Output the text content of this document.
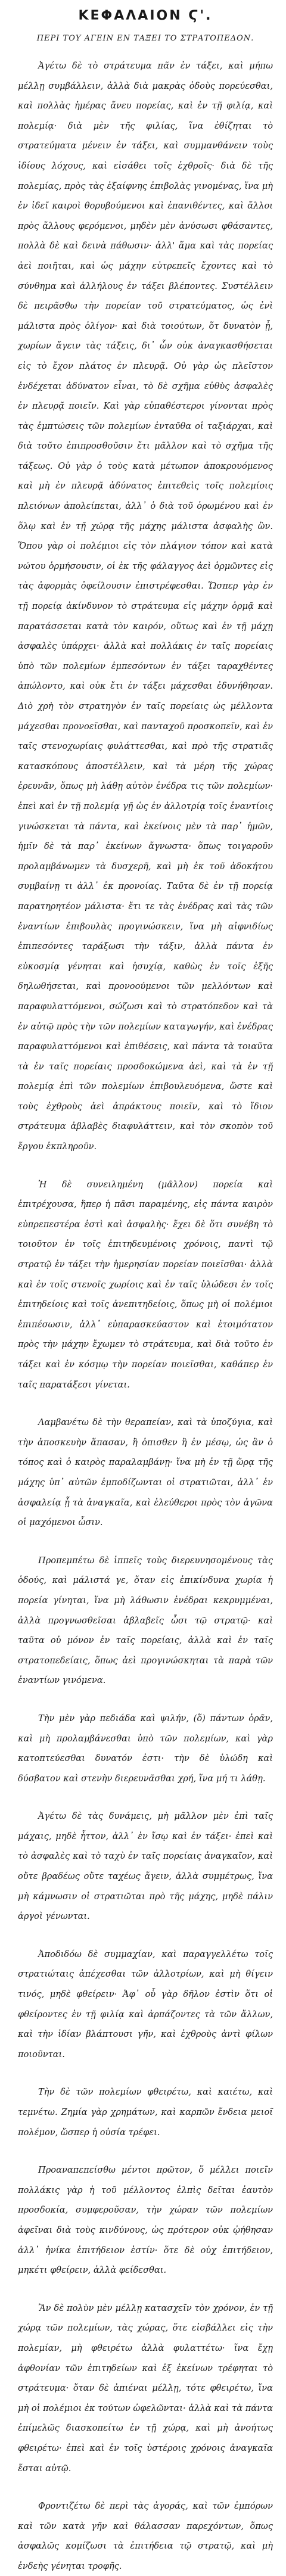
ΚΕΦΑΛΑΙΟΝ Ϛ'.
ΠΕΡΙ ΤΟΥ ΑΓΕΙΝ ΕΝ ΤΑΞΕΙ ΤΟ ΣΤΡΑΤΟΠΕΔΟΝ.
Ἀγέτω δὲ τὸ στράτευμα πᾶν ἐν τάξει, καὶ μήπω μέλλῃ συμβάλλειν, ἀλλὰ διὰ μακρὰς ὁδοὺς πορεύεσθαι, καὶ πολλὰς ἡμέρας ἄνευ πορείας, καὶ ἐν τῇ φιλίᾳ, καὶ πολεμίᾳ· διὰ μὲν τῆς φιλίας, ἵνα ἐθίζηται τὸ στρατεύματα μένειν ἐν τάξει, καὶ συμμανθάνειν τοὺς ἰδίους λόχους, καὶ εἰσάθει τοῖς ἐχθροῖς· διὰ δὲ τῆς πολεμίας, πρὸς τὰς ἐξαίφνης ἐπιβολὰς γινομένας, ἵνα μὴ ἐν ἰδεῖ καιροὶ θορυβούμενοι καὶ ἐπανιθέντες, καὶ ἄλλοι πρὸς ἄλλους φερόμενοι, μηδὲν μὲν ἀνύσωσι φθάσαντες, πολλὰ δὲ καὶ δεινὰ πάθωσιν· ἀλλ' ἅμα καὶ τὰς πορείας ἀεὶ ποιῆται, καὶ ὡς μάχην εὐτρεπεῖς ἔχοντες καὶ τὸ σύνθημα καὶ ἀλλήλους ἐν τάξει βλέποντες. Συστέλλειν δὲ πειρᾶσθω τὴν πορείαν τοῦ στρατεύματος, ὡς ἐνὶ μάλιστα πρὸς ὀλίγον· καὶ διὰ τοιούτων, ὅτ δυνατὸν ᾖ, χωρίων ἄγειν τὰς τάξεις, δι᾽ ὧν οὐκ ἀναγκασθήσεται εἰς τὸ ἔχον πλάτος ἐν πλευρᾷ. Οὐ γὰρ ὡς πλεῖστον ἐνδέχεται ἀδύνατον εἶναι, τὸ δὲ σχῆμα εὐθὺς ἀσφαλὲς ἐν πλευρᾷ ποιεῖν. Καὶ γὰρ εὐπαθέστεροι γίνονται πρὸς τὰς ἐμπτώσεις τῶν πολεμίων ἐνταῦθα οἱ ταξιάρχαι, καὶ διὰ τοῦτο ἐπιπροσθοῦσιν ἔτι μᾶλλον καὶ τὸ σχῆμα τῆς τάξεως. Οὐ γὰρ ὁ τοὺς κατὰ μέτωπον ἀποκρουόμενος καὶ μὴ ἐν πλευρᾷ ἀδύνατος ἐπιτεθεὶς τοῖς πολεμίοις πλειόνων ἀπολείπεται, ἀλλ᾽ ὁ διὰ τοῦ ὁρωμένου καὶ ἐν ὅλῳ καὶ ἐν τῇ χώρᾳ τῆς μάχης μάλιστα ἀσφαλὴς ὢν. Ὅπου γὰρ οἱ πολέμιοι εἰς τὸν πλάγιον τόπον καὶ κατὰ νώτου ὁρμήσουσιν, οἱ ἐκ τῆς φάλαγγος ἀεὶ ὁρμῶντες εἰς τὰς ἀφορμὰς ὀφείλουσιν ἐπιστρέφεσθαι. Ὥσπερ γὰρ ἐν τῇ πορείᾳ ἀκίνδυνον τὸ στράτευμα εἰς μάχην ὁρμᾷ καὶ παρατάσσεται κατὰ τὸν καιρόν, οὕτως καὶ ἐν τῇ μάχῃ ἀσφαλὲς ὑπάρχει· ἀλλὰ καὶ πολλάκις ἐν ταῖς πορείαις ὑπὸ τῶν πολεμίων ἐμπεσόντων ἐν τάξει ταραχθέντες ἀπώλοντο, καὶ οὐκ ἔτι ἐν τάξει μάχεσθαι ἐδυνήθησαν. Διὸ χρὴ τὸν στρατηγὸν ἐν ταῖς πορείαις ὡς μέλλοντα μάχεσθαι προνοεῖσθαι, καὶ πανταχοῦ προσκοπεῖν, καὶ ἐν ταῖς στενοχωρίαις φυλάττεσθαι, καὶ πρὸ τῆς στρατιᾶς κατασκόπους ἀποστέλλειν, καὶ τὰ μέρη τῆς χώρας ἐρευνᾶν, ὅπως μὴ λάθῃ αὐτὸν ἐνέδρα τις τῶν πολεμίων· ἐπεὶ καὶ ἐν τῇ πολεμίᾳ γῇ ὡς ἐν ἀλλοτρίᾳ τοῖς ἐναντίοις γινώσκεται τὰ πάντα, καὶ ἐκείνοις μὲν τὰ παρ᾽ ἡμῶν, ἡμῖν δὲ τὰ παρ᾽ ἐκείνων ἄγνωστα· ὅπως τοιγαροῦν προλαμβάνωμεν τὰ δυσχερῆ, καὶ μὴ ἐκ τοῦ ἀδοκήτου συμβαίνῃ τι ἀλλ᾽ ἐκ προνοίας. Ταῦτα δὲ ἐν τῇ πορείᾳ παρατηρητέον μάλιστα· ἔτι τε τὰς ἐνέδρας καὶ τὰς τῶν ἐναντίων ἐπιβουλὰς προγινώσκειν, ἵνα μὴ αἰφνιδίως ἐπιπεσόντες ταράξωσι τὴν τάξιν, ἀλλὰ πάντα ἐν εὐκοσμίᾳ γένηται καὶ ἡσυχίᾳ, καθὼς ἐν τοῖς ἑξῆς δηλωθήσεται, καὶ προνοούμενοι τῶν μελλόντων καὶ παραφυλαττόμενοι, σώζωσι καὶ τὸ στρατόπεδον καὶ τὰ ἐν αὐτῷ πρὸς τὴν τῶν πολεμίων καταγωγήν, καὶ ἐνέδρας παραφυλαττόμενοι καὶ ἐπιθέσεις, καὶ πάντα τὰ τοιαῦτα τὰ ἐν ταῖς πορείαις προσδοκώμενα ἀεὶ, καὶ τὰ ἐν τῇ πολεμίᾳ ἐπὶ τῶν πολεμίων ἐπιβουλευόμενα, ὥστε καὶ τοὺς ἐχθροὺς ἀεὶ ἀπράκτους ποιεῖν, καὶ τὸ ἴδιον στράτευμα ἀβλαβὲς διαφυλάττειν, καὶ τὸν σκοπὸν τοῦ ἔργου ἐκπληροῦν.
Ἡ δὲ συνειλημένη (μᾶλλον) πορεία καὶ ἐπιτρέχουσα, ἥπερ ἡ πᾶσι παραμένης, εἰς πάντα καιρὸν εὐπρεπεστέρα ἐστὶ καὶ ἀσφαλὴς· ἔχει δὲ ὅτι συνέβη τὸ τοιοῦτον ἐν τοῖς ἐπιτηδευμένοις χρόνοις, παντὶ τῷ στρατῷ ἐν τάξει τὴν ἡμερησίαν πορείαν ποιεῖσθαι· ἀλλὰ καὶ ἐν τοῖς στενοῖς χωρίοις καὶ ἐν ταῖς ὑλώδεσι ἐν τοῖς ἐπιτηδείοις καὶ τοῖς ἀνεπιτηδείοις, ὅπως μὴ οἱ πολέμιοι ἐπιπέσωσιν, ἀλλ᾽ εὐπαρασκεύαστον καὶ ἑτοιμότατον πρὸς τὴν μάχην ἔχωμεν τὸ στράτευμα, καὶ διὰ τοῦτο ἐν τάξει καὶ ἐν κόσμῳ τὴν πορείαν ποιεῖσθαι, καθάπερ ἐν ταῖς παρατάξεσι γίνεται.
Λαμβανέτω δὲ τὴν θεραπείαν, καὶ τὰ ὑποζύγια, καὶ τὴν ἀποσκευὴν ἅπασαν, ἢ ὀπισθεν ἢ ἐν μέσῳ, ὡς ἂν ὁ τόπος καὶ ὁ καιρὸς παραλαμβάνῃ· ἵνα μὴ ἐν τῇ ὥρᾳ τῆς μάχης ὑπ᾽ αὐτῶν ἐμποδίζωνται οἱ στρατιῶται, ἀλλ᾽ ἐν ἀσφαλείᾳ ᾖ τὰ ἀναγκαῖα, καὶ ἐλεύθεροι πρὸς τὸν ἀγῶνα οἱ μαχόμενοι ὦσιν.
Προπεμπέτω δὲ ἱππεῖς τοὺς διερευνησομένους τὰς ὁδούς, καὶ μάλιστά γε, ὅταν εἰς ἐπικίνδυνα χωρία ἡ πορεία γίνηται, ἵνα μὴ λάθωσιν ἐνέδραι κεκρυμμέναι, ἀλλὰ προγνωσθεῖσαι ἀβλαβεῖς ὦσι τῷ στρατῷ· καὶ ταῦτα οὐ μόνον ἐν ταῖς πορείαις, ἀλλὰ καὶ ἐν ταῖς στρατοπεδείαις, ὅπως ἀεὶ προγινώσκηται τὰ παρὰ τῶν ἐναντίων γινόμενα.
Τὴν μὲν γὰρ πεδιάδα καὶ ψιλήν, (ὅ) πάντων ὁρᾶν, καὶ μὴ προλαμβάνεσθαι ὑπὸ τῶν πολεμίων, καὶ γὰρ κατοπτεύεσθαι δυνατόν ἐστι· τὴν δὲ ὑλώδη καὶ δύσβατον καὶ στενὴν διερευνᾶσθαι χρή, ἵνα μή τι λάθῃ.
Ἀγέτω δὲ τὰς δυνάμεις, μὴ μᾶλλον μὲν ἐπὶ ταῖς μάχαις, μηδὲ ἧττον, ἀλλ᾽ ἐν ἴσῳ καὶ ἐν τάξει· ἐπεὶ καὶ τὸ ἀσφαλὲς καὶ τὸ ταχὺ ἐν ταῖς πορείαις ἀναγκαῖον, καὶ οὔτε βραδέως οὔτε ταχέως ἄγειν, ἀλλὰ συμμέτρως, ἵνα μὴ κάμνωσιν οἱ στρατιῶται πρὸ τῆς μάχης, μηδὲ πάλιν ἀργοὶ γένωνται.
Ἀποδιδόω δὲ συμμαχίαν, καὶ παραγγελλέτω τοῖς στρατιώταις ἀπέχεσθαι τῶν ἀλλοτρίων, καὶ μὴ θίγειν τινός, μηδὲ φθείρειν· Ἀφ᾽ οὗ γὰρ δῆλον ἐστὶν ὅτι οἱ φθείροντες ἐν τῇ φιλίᾳ καὶ ἁρπάζοντες τὰ τῶν ἄλλων, καὶ τὴν ἰδίαν βλάπτουσι γῆν, καὶ ἐχθροὺς ἀντὶ φίλων ποιοῦνται.
Τὴν δὲ τῶν πολεμίων φθειρέτω, καὶ καιέτω, καὶ τεμνέτω. Ζημία γὰρ χρημάτων, καὶ καρπῶν ἔνδεια μειοῖ πολέμον, ὥσπερ ἡ οὐσία τρέφει.
Προαναπεπείσθω μέντοι πρῶτον, ὅ μέλλει ποιεῖν πολλάκις γὰρ ἡ τοῦ μέλλοντος ἐλπὶς δεῖται ἐαυτὸν προσδοκία, συμφεροῦσαν, τὴν χώραν τῶν πολεμίων ἀφεῖναι διὰ τοὺς κινδύνους, ὡς πρότερον οὐκ ᾠήθησαν ἀλλ᾽ ἡνίκα ἐπιτήδειον ἐστίν· ὅτε δὲ οὐχ ἐπιτήδειον, μηκέτι φθείρειν, ἀλλὰ φείδεσθαι.
Ἂν δὲ πολὺν μὲν μέλλῃ κατασχεῖν τὸν χρόνον, ἐν τῇ χώρᾳ τῶν πολεμίων, τὰς χώρας, ὅτε εἰσβάλλει εἰς τὴν πολεμίαν, μὴ φθειρέτω ἀλλὰ φυλαττέτω· ἵνα ἔχῃ ἀφθονίαν τῶν ἐπιτηδείων καὶ ἐξ ἐκείνων τρέφηται τὸ στράτευμα· ὅταν δὲ ἀπιέναι μέλλῃ, τότε φθειρέτω, ἵνα μὴ οἱ πολέμιοι ἐκ τούτων ὠφελῶνται· ἀλλὰ καὶ τὰ πάντα ἐπίμελῶς διασκοπείτω ἐν τῇ χώρᾳ, καὶ μὴ ἀνοήτως φθειρέτω· ἐπεὶ καὶ ἐν τοῖς ὑστέροις χρόνοις ἀναγκαῖα ἔσται αὐτῷ.
Φροντιζέτω δὲ περὶ τὰς ἀγοράς, καὶ τῶν ἐμπόρων καὶ τῶν κατὰ γῆν καὶ θάλασσαν παρεχόντων, ὅπως ἀσφαλῶς κομίζωσι τὰ ἐπιτήδεια τῷ στρατῷ, καὶ μὴ ἐνδεὴς γένηται τροφῆς.
